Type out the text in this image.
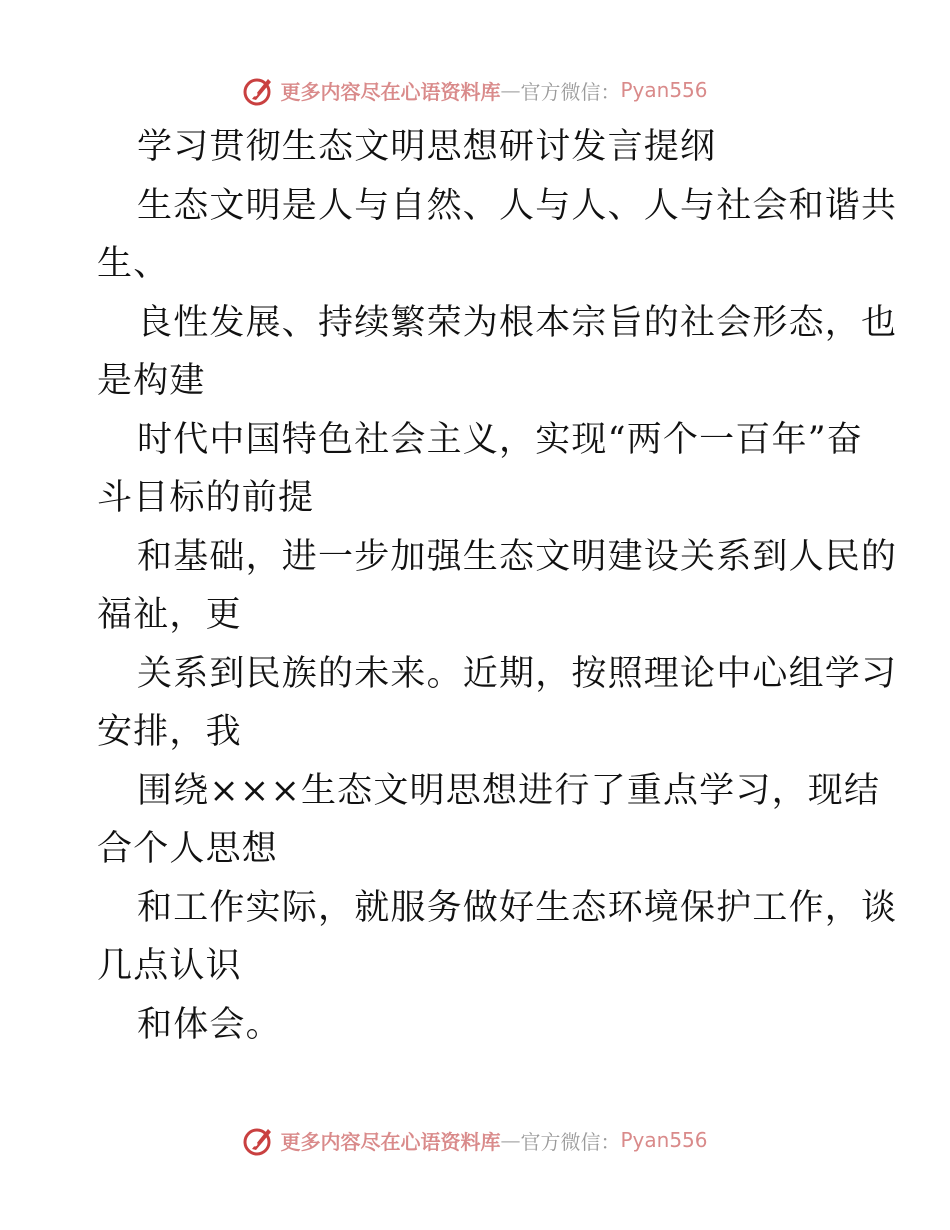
更多内容尽在心语资料库 — 官方微信： Pyan556
学习贯彻生态文明思想研讨发言提纲
生态文明是人与自然、人与人、人与社会和谐共
生、
良性发展、持续繁荣为根本宗旨的社会形态，也
是构建
时代中国特色社会主义，实现“两个一百年”奋
斗目标的前提
和基础，进一步加强生态文明建设关系到人民的
福祉，更
关系到民族的未来。近期，按照理论中心组学习
安排，我
围绕×××生态文明思想进行了重点学习，现结
合个人思想
和工作实际，就服务做好生态环境保护工作，谈
几点认识
和体会。
更多内容尽在心语资料库 — 官方微信： Pyan556
